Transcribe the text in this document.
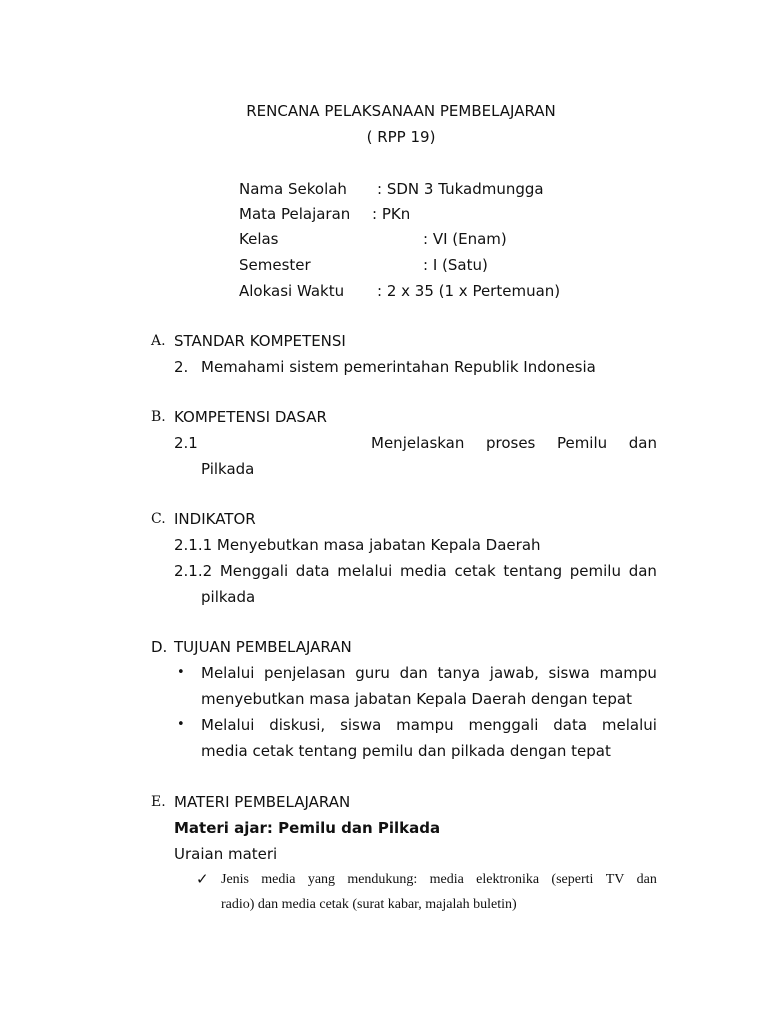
RENCANA PELAKSANAAN PEMBELAJARAN
( RPP 19)
Nama Sekolah : SDN 3 Tukadmungga
Mata Pelajaran : PKn
Kelas	: VI (Enam)
Semester	: I (Satu)
Alokasi Waktu : 2 x 35 (1 x Pertemuan)
A. STANDAR KOMPETENSI
2. Memahami sistem pemerintahan Republik Indonesia
B. KOMPETENSI DASAR
2.1	Menjelaskan proses Pemilu dan
Pilkada
C. INDIKATOR
2.1.1 Menyebutkan masa jabatan Kepala Daerah
2.1.2 Menggali data melalui media cetak tentang pemilu dan
pilkada
D. TUJUAN PEMBELAJARAN
• Melalui penjelasan guru dan tanya jawab, siswa mampu
menyebutkan masa jabatan Kepala Daerah dengan tepat
• Melalui diskusi, siswa mampu menggali data melalui
media cetak tentang pemilu dan pilkada dengan tepat
E. MATERI PEMBELAJARAN
Materi ajar: Pemilu dan Pilkada
Uraian materi
✓ Jenis media yang mendukung: media elektronika (seperti TV dan
radio) dan media cetak (surat kabar, majalah buletin)
